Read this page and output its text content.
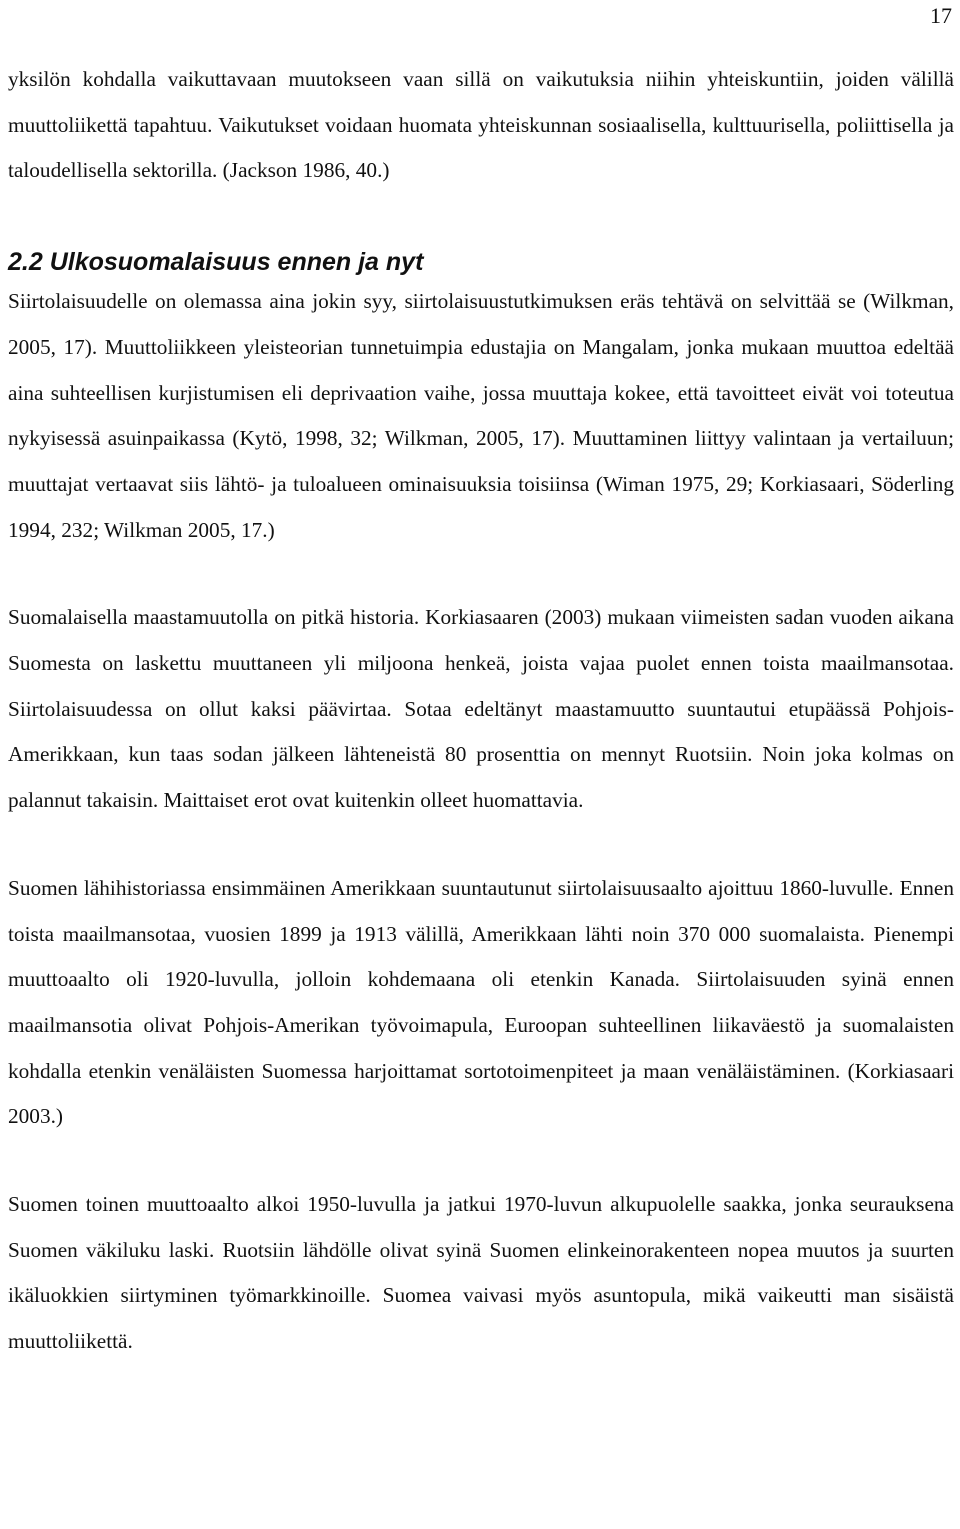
17

yksilön kohdalla vaikuttavaan muutokseen vaan sillä on vaikutuksia niihin yhteiskuntiin, joiden välillä muuttoliikettä tapahtuu. Vaikutukset voidaan huomata yhteiskunnan sosiaalisella, kulttuurisella, poliittisella ja taloudellisella sektorilla. (Jackson 1986, 40.)

2.2 Ulkosuomalaisuus ennen ja nyt

Siirtolaisuudelle on olemassa aina jokin syy, siirtolaisuustutkimuksen eräs tehtävä on selvittää se (Wilkman, 2005, 17). Muuttoliikkeen yleisteorian tunnetuimpia edustajia on Mangalam, jonka mukaan muuttoa edeltää aina suhteellisen kurjistumisen eli deprivaation vaihe, jossa muuttaja kokee, että tavoitteet eivät voi toteutua nykyisessä asuinpaikassa (Kytö, 1998, 32; Wilkman, 2005, 17). Muuttaminen liittyy valintaan ja vertailuun; muuttajat vertaavat siis lähtö- ja tuloalueen ominaisuuksia toisiinsa (Wiman 1975, 29; Korkiasaari, Söderling 1994, 232; Wilkman 2005, 17.)

Suomalaisella maastamuutolla on pitkä historia. Korkiasaaren (2003) mukaan viimeisten sadan vuoden aikana Suomesta on laskettu muuttaneen yli miljoona henkeä, joista vajaa puolet ennen toista maailmansotaa. Siirtolaisuudessa on ollut kaksi päävirtaa. Sotaa edeltänyt maastamuutto suuntautui etupäässä Pohjois-Amerikkaan, kun taas sodan jälkeen lähteneistä 80 prosenttia on mennyt Ruotsiin. Noin joka kolmas on palannut takaisin. Maittaiset erot ovat kuitenkin olleet huomattavia.

Suomen lähihistoriassa ensimmäinen Amerikkaan suuntautunut siirtolaisuusaalto ajoittuu 1860-luvulle. Ennen toista maailmansotaa, vuosien 1899 ja 1913 välillä, Amerikkaan lähti noin 370 000 suomalaista. Pienempi muuttoaalto oli 1920-luvulla, jolloin kohdemaana oli etenkin Kanada. Siirtolaisuuden syinä ennen maailmansotia olivat Pohjois-Amerikan työvoimapula, Euroopan suhteellinen liikaväestö ja suomalaisten kohdalla etenkin venäläisten Suomessa harjoittamat sortotoimenpiteet ja maan venäläistäminen. (Korkiasaari 2003.)

Suomen toinen muuttoaalto alkoi 1950-luvulla ja jatkui 1970-luvun alkupuolelle saakka, jonka seurauksena Suomen väkiluku laski. Ruotsiin lähdölle olivat syinä Suomen elinkeinorakenteen nopea muutos ja suurten ikäluokkien siirtyminen työmarkkinoille. Suomea vaivasi myös asuntopula, mikä vaikeutti man sisäistä muuttoliikettä.
